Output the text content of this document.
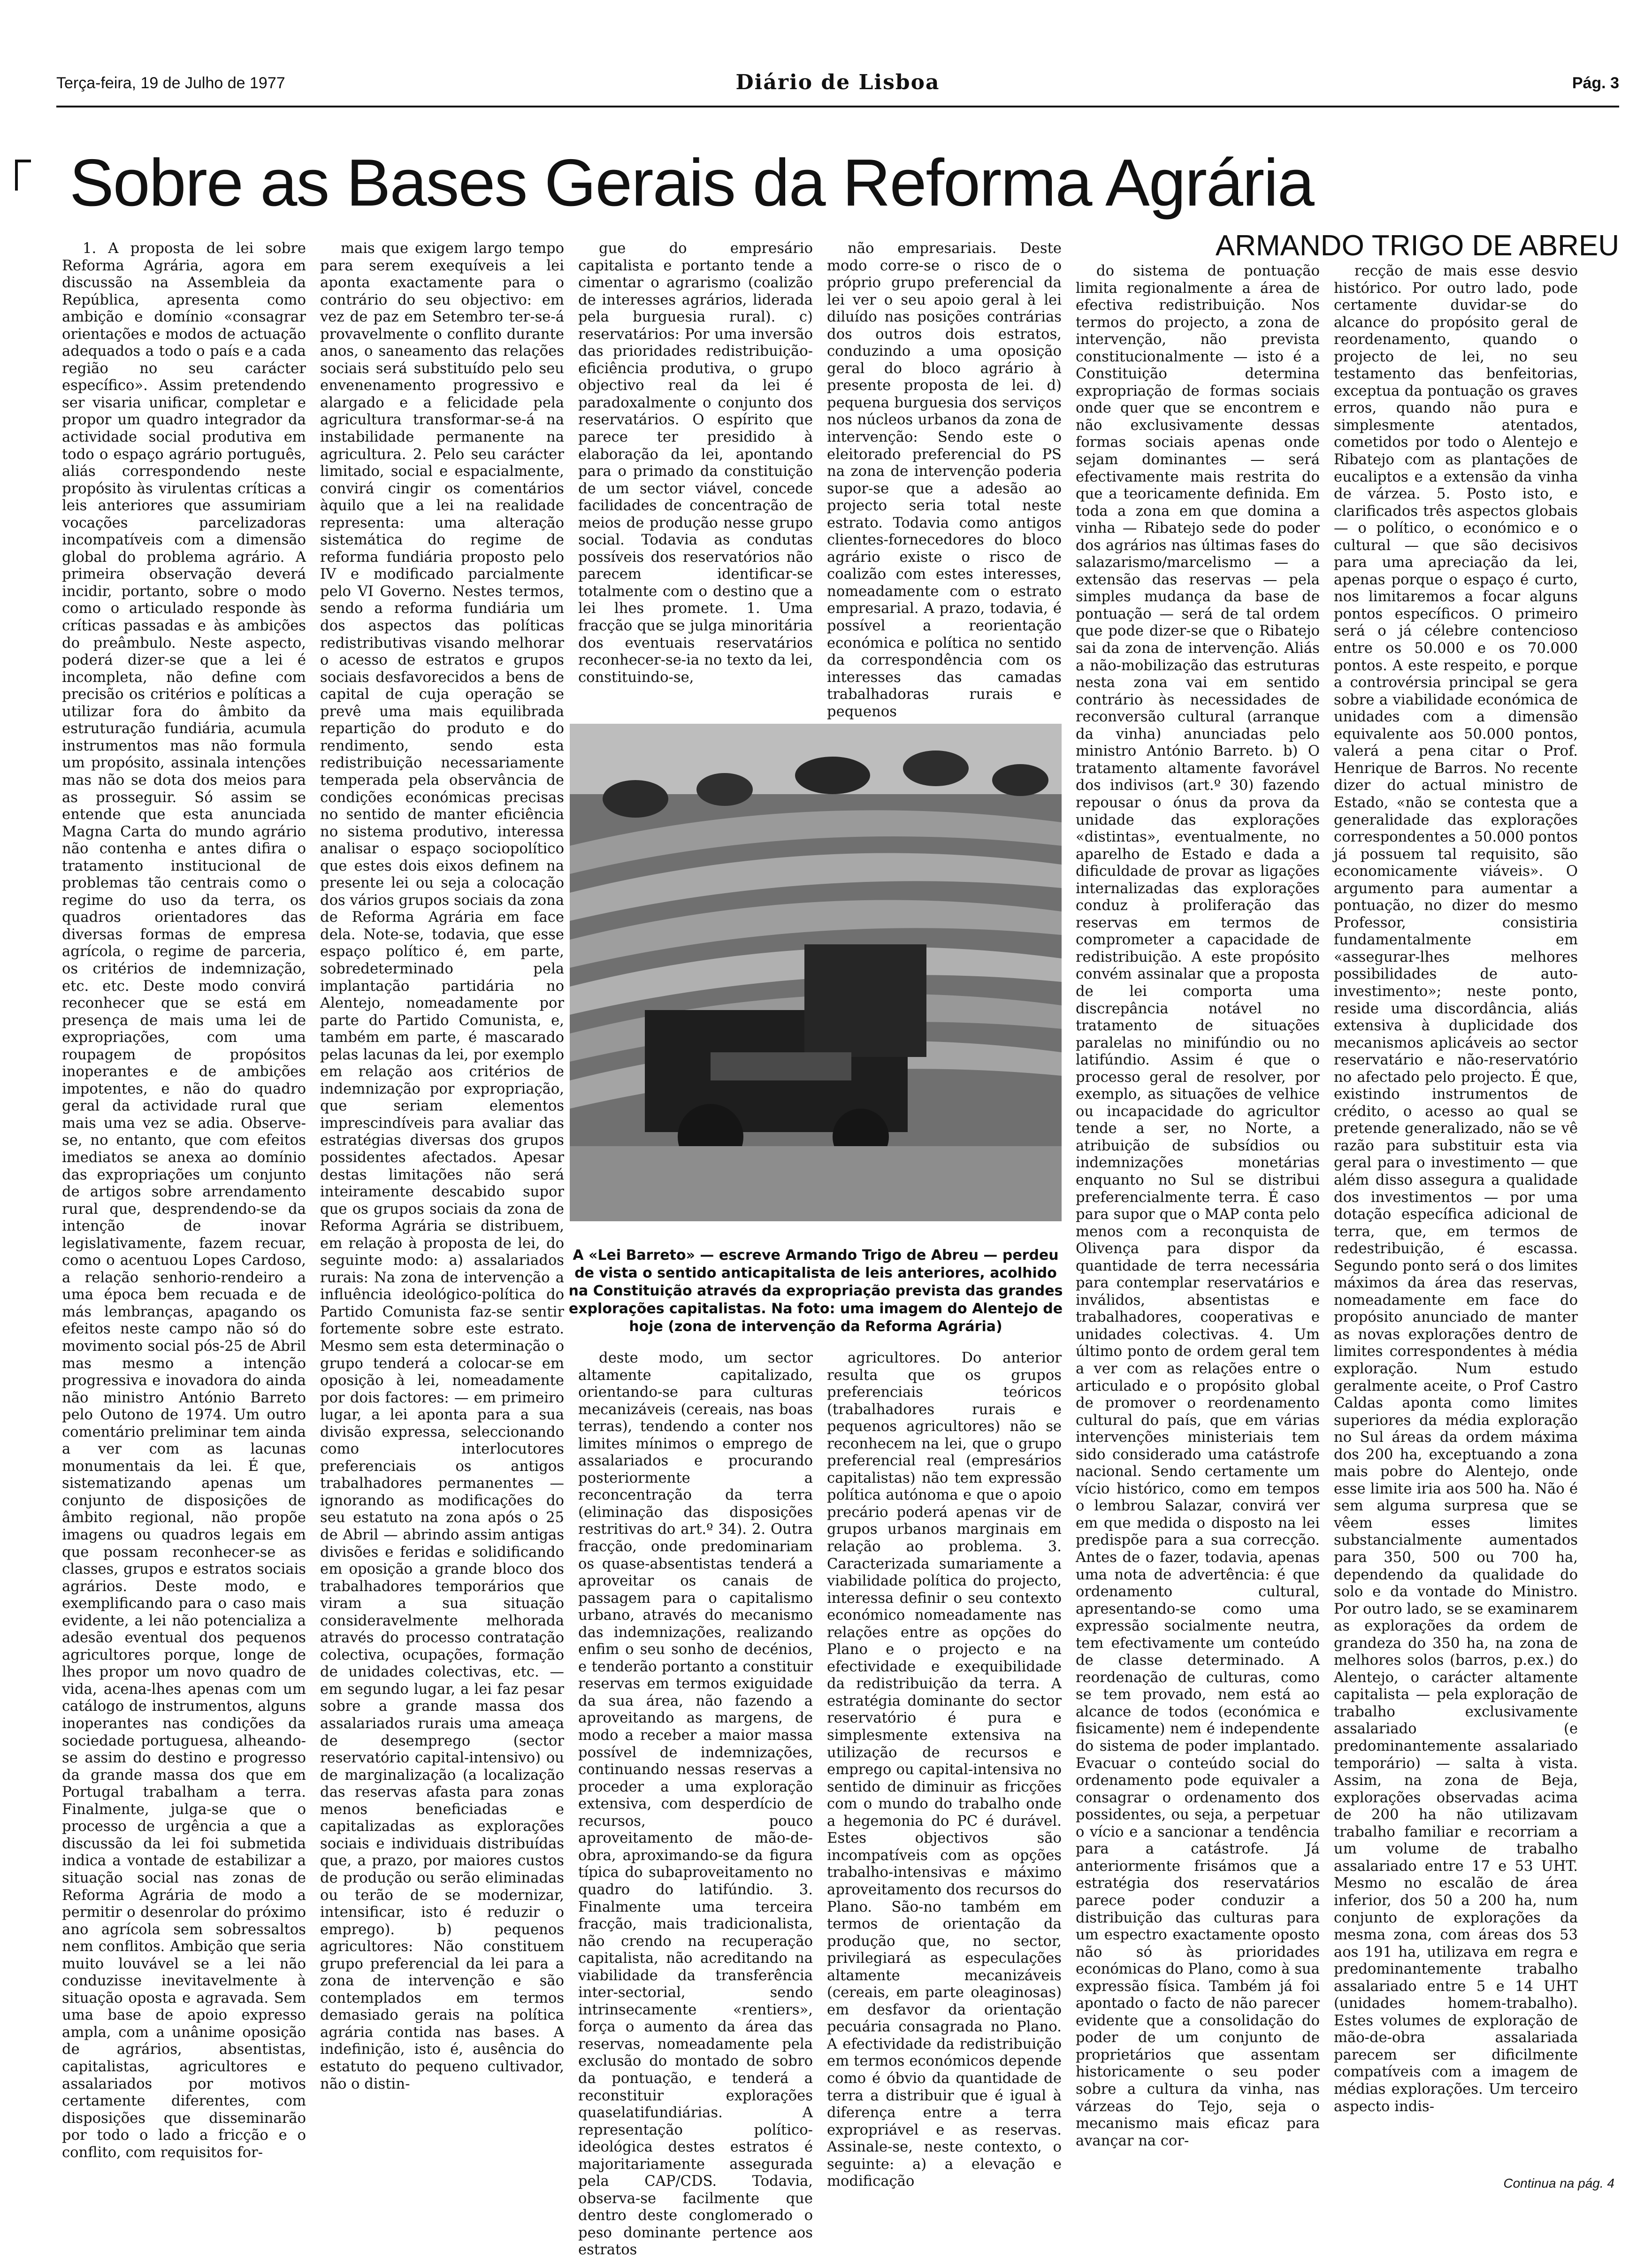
Terça-feira, 19 de Julho de 1977	Diário de Lisboa	Pág. 3
Sobre as Bases Gerais da Reforma Agrária
ARMANDO TRIGO DE ABREU

1. A proposta de lei sobre Reforma Agrária, agora em discussão na Assembleia da República, apresenta como ambição e domínio «consagrar orientações e modos de actuação adequados a todo o país e a cada região no seu carácter específico». Assim pretendendo ser visaria unificar, completar e propor um quadro integrador da actividade social produtiva em todo o espaço agrário português, aliás correspondendo neste propósito às virulentas críticas a leis anteriores que assumiriam vocações parcelizadoras incompatíveis com a dimensão global do problema agrário. A primeira observação deverá incidir, portanto, sobre o modo como o articulado responde às críticas passadas e às ambições do preâmbulo. Neste aspecto, poderá dizer-se que a lei é incompleta, não define com precisão os critérios e políticas a utilizar fora do âmbito da estruturação fundiária, acumula instrumentos mas não formula um propósito, assinala intenções mas não se dota dos meios para as prosseguir. Só assim se entende que esta anunciada Magna Carta do mundo agrário não contenha e antes difira o tratamento institucional de problemas tão centrais como o regime do uso da terra, os quadros orientadores das diversas formas de empresa agrícola, o regime de parceria, os critérios de indemnização, etc. etc. Deste modo convirá reconhecer que se está em presença de mais uma lei de expropriações, com uma roupagem de propósitos inoperantes e de ambições impotentes, e não do quadro geral da actividade rural que mais uma vez se adia. Observe-se, no entanto, que com efeitos imediatos se anexa ao domínio das expropriações um conjunto de artigos sobre arrendamento rural que, desprendendo-se da intenção de inovar legislativamente, fazem recuar, como o acentuou Lopes Cardoso, a relação senhorio-rendeiro a uma época bem recuada e de más lembranças, apagando os efeitos neste campo não só do movimento social pós-25 de Abril mas mesmo a intenção progressiva e inovadora do ainda não ministro António Barreto pelo Outono de 1974. Um outro comentário preliminar tem ainda a ver com as lacunas monumentais da lei. É que, sistematizando apenas um conjunto de disposições de âmbito regional, não propõe imagens ou quadros legais em que possam reconhecer-se as classes, grupos e estratos sociais agrários. Deste modo, e exemplificando para o caso mais evidente, a lei não potencializa a adesão eventual dos pequenos agricultores porque, longe de lhes propor um novo quadro de vida, acena-lhes apenas com um catálogo de instrumentos, alguns inoperantes nas condições da sociedade portuguesa, alheando-se assim do destino e progresso da grande massa dos que em Portugal trabalham a terra. Finalmente, julga-se que o processo de urgência a que a discussão da lei foi submetida indica a vontade de estabilizar a situação social nas zonas de Reforma Agrária de modo a permitir o desenrolar do próximo ano agrícola sem sobressaltos nem conflitos. Ambição que seria muito louvável se a lei não conduzisse inevitavelmente à situação oposta e agravada. Sem uma base de apoio expresso ampla, com a unânime oposição de agrários, absentistas, capitalistas, agricultores e assalariados por motivos certamente diferentes, com disposições que disseminarão por todo o lado a fricção e o conflito, com requisitos for-

mais que exigem largo tempo para serem exequíveis a lei aponta exactamente para o contrário do seu objectivo: em vez de paz em Setembro ter-se-á provavelmente o conflito durante anos, o saneamento das relações sociais será substituído pelo seu envenenamento progressivo e alargado e a felicidade pela agricultura transformar-se-á na instabilidade permanente na agricultura. 2. Pelo seu carácter limitado, social e espacialmente, convirá cingir os comentários àquilo que a lei na realidade representa: uma alteração sistemática do regime de reforma fundiária proposto pelo IV e modificado parcialmente pelo VI Governo. Nestes termos, sendo a reforma fundiária um dos aspectos das políticas redistributivas visando melhorar o acesso de estratos e grupos sociais desfavorecidos a bens de capital de cuja operação se prevê uma mais equilibrada repartição do produto e do rendimento, sendo esta redistribuição necessariamente temperada pela observância de condições económicas precisas no sentido de manter eficiência no sistema produtivo, interessa analisar o espaço sociopolítico que estes dois eixos definem na presente lei ou seja a colocação dos vários grupos sociais da zona de Reforma Agrária em face dela. Note-se, todavia, que esse espaço político é, em parte, sobredeterminado pela implantação partidária no Alentejo, nomeadamente por parte do Partido Comunista, e, também em parte, é mascarado pelas lacunas da lei, por exemplo em relação aos critérios de indemnização por expropriação, que seriam elementos imprescindíveis para avaliar das estratégias diversas dos grupos possidentes afectados. Apesar destas limitações não será inteiramente descabido supor que os grupos sociais da zona de Reforma Agrária se distribuem, em relação à proposta de lei, do seguinte modo: a) assalariados rurais: Na zona de intervenção a influência ideológico-política do Partido Comunista faz-se sentir fortemente sobre este estrato. Mesmo sem esta determinação o grupo tenderá a colocar-se em oposição à lei, nomeadamente por dois factores: — em primeiro lugar, a lei aponta para a sua divisão expressa, seleccionando como interlocutores preferenciais os antigos trabalhadores permanentes — ignorando as modificações do seu estatuto na zona após o 25 de Abril — abrindo assim antigas divisões e feridas e solidificando em oposição a grande bloco dos trabalhadores temporários que viram a sua situação consideravelmente melhorada através do processo contratação colectiva, ocupações, formação de unidades colectivas, etc. — em segundo lugar, a lei faz pesar sobre a grande massa dos assalariados rurais uma ameaça de desemprego (sector reservatório capital-intensivo) ou de marginalização (a localização das reservas afasta para zonas menos beneficiadas e capitalizadas as explorações sociais e individuais distribuídas que, a prazo, por maiores custos de produção ou serão eliminadas ou terão de se modernizar, intensificar, isto é reduzir o emprego). b) pequenos agricultores: Não constituem grupo preferencial da lei para a zona de intervenção e são contemplados em termos demasiado gerais na política agrária contida nas bases. A indefinição, isto é, ausência do estatuto do pequeno cultivador, não o distin-

gue do empresário capitalista e portanto tende a cimentar o agrarismo (coalizão de interesses agrários, liderada pela burguesia rural). c) reservatários: Por uma inversão das prioridades redistribuição-eficiência produtiva, o grupo objectivo real da lei é paradoxalmente o conjunto dos reservatários. O espírito que parece ter presidido à elaboração da lei, apontando para o primado da constituição de um sector viável, concede facilidades de concentração de meios de produção nesse grupo social. Todavia as condutas possíveis dos reservatórios não parecem identificar-se totalmente com o destino que a lei lhes promete. 1. Uma fracção que se julga minoritária dos eventuais reservatários reconhecer-se-ia no texto da lei, constituindo-se,

não empresariais. Deste modo corre-se o risco de o próprio grupo preferencial da lei ver o seu apoio geral à lei diluído nas posições contrárias dos outros dois estratos, conduzindo a uma oposição geral do bloco agrário à presente proposta de lei. d) pequena burguesia dos serviços nos núcleos urbanos da zona de intervenção: Sendo este o eleitorado preferencial do PS na zona de intervenção poderia supor-se que a adesão ao projecto seria total neste estrato. Todavia como antigos clientes-fornecedores do bloco agrário existe o risco de coalizão com estes interesses, nomeadamente com o estrato empresarial. A prazo, todavia, é possível a reorientação económica e política no sentido da correspondência com os interesses das camadas trabalhadoras rurais e pequenos

A «Lei Barreto» — escreve Armando Trigo de Abreu — perdeu de vista o sentido anticapitalista de leis anteriores, acolhido na Constituição através da expropriação prevista das grandes explorações capitalistas. Na foto: uma imagem do Alentejo de hoje (zona de intervenção da Reforma Agrária)

deste modo, um sector altamente capitalizado, orientando-se para culturas mecanizáveis (cereais, nas boas terras), tendendo a conter nos limites mínimos o emprego de assalariados e procurando posteriormente a reconcentração da terra (eliminação das disposições restritivas do art.º 34). 2. Outra fracção, onde predominariam os quase-absentistas tenderá a aproveitar os canais de passagem para o capitalismo urbano, através do mecanismo das indemnizações, realizando enfim o seu sonho de decénios, e tenderão portanto a constituir reservas em termos exiguidade da sua área, não fazendo a aproveitando as margens, de modo a receber a maior massa possível de indemnizações, continuando nessas reservas a proceder a uma exploração extensiva, com desperdício de recursos, pouco aproveitamento de mão-de-obra, aproximando-se da figura típica do subaproveitamento no quadro do latifúndio. 3. Finalmente uma terceira fracção, mais tradicionalista, não crendo na recuperação capitalista, não acreditando na viabilidade da transferência inter-sectorial, sendo intrinsecamente «rentiers», força o aumento da área das reservas, nomeadamente pela exclusão do montado de sobro da pontuação, e tenderá a reconstituir explorações quaselatifundiárias. A representação político-ideológica destes estratos é majoritariamente assegurada pela CAP/CDS. Todavia, observa-se facilmente que dentro deste conglomerado o peso dominante pertence aos estratos

agricultores. Do anterior resulta que os grupos preferenciais teóricos (trabalhadores rurais e pequenos agricultores) não se reconhecem na lei, que o grupo preferencial real (empresários capitalistas) não tem expressão política autónoma e que o apoio precário poderá apenas vir de grupos urbanos marginais em relação ao problema. 3. Caracterizada sumariamente a viabilidade política do projecto, interessa definir o seu contexto económico nomeadamente nas relações entre as opções do Plano e o projecto e na efectividade e exequibilidade da redistribuição da terra. A estratégia dominante do sector reservatório é pura e simplesmente extensiva na utilização de recursos e emprego ou capital-intensiva no sentido de diminuir as fricções com o mundo do trabalho onde a hegemonia do PC é durável. Estes objectivos são incompatíveis com as opções trabalho-intensivas e máximo aproveitamento dos recursos do Plano. São-no também em termos de orientação da produção que, no sector, privilegiará as especulações altamente mecanizáveis (cereais, em parte oleaginosas) em desfavor da orientação pecuária consagrada no Plano. A efectividade da redistribuição em termos económicos depende como é óbvio da quantidade de terra a distribuir que é igual à diferença entre a terra expropriável e as reservas. Assinale-se, neste contexto, o seguinte: a) a elevação e modificação

do sistema de pontuação limita regionalmente a área de efectiva redistribuição. Nos termos do projecto, a zona de intervenção, não prevista constitucionalmente — isto é a Constituição determina expropriação de formas sociais onde quer que se encontrem e não exclusivamente dessas formas sociais apenas onde sejam dominantes — será efectivamente mais restrita do que a teoricamente definida. Em toda a zona em que domina a vinha — Ribatejo sede do poder dos agrários nas últimas fases do salazarismo/marcelismo — a extensão das reservas — pela simples mudança da base de pontuação — será de tal ordem que pode dizer-se que o Ribatejo sai da zona de intervenção. Aliás a não-mobilização das estruturas nesta zona vai em sentido contrário às necessidades de reconversão cultural (arranque da vinha) anunciadas pelo ministro António Barreto. b) O tratamento altamente favorável dos indivisos (art.º 30) fazendo repousar o ónus da prova da unidade das explorações «distintas», eventualmente, no aparelho de Estado e dada a dificuldade de provar as ligações internalizadas das explorações conduz à proliferação das reservas em termos de comprometer a capacidade de redistribuição. A este propósito convém assinalar que a proposta de lei comporta uma discrepância notável no tratamento de situações paralelas no minifúndio ou no latifúndio. Assim é que o processo geral de resolver, por exemplo, as situações de velhice ou incapacidade do agricultor tende a ser, no Norte, a atribuição de subsídios ou indemnizações monetárias enquanto no Sul se distribui preferencialmente terra. É caso para supor que o MAP conta pelo menos com a reconquista de Olivença para dispor da quantidade de terra necessária para contemplar reservatários e inválidos, absentistas e trabalhadores, cooperativas e unidades colectivas. 4. Um último ponto de ordem geral tem a ver com as relações entre o articulado e o propósito global de promover o reordenamento cultural do país, que em várias intervenções ministeriais tem sido considerado uma catástrofe nacional. Sendo certamente um vício histórico, como em tempos o lembrou Salazar, convirá ver em que medida o disposto na lei predispõe para a sua correcção. Antes de o fazer, todavia, apenas uma nota de advertência: é que ordenamento cultural, apresentando-se como uma expressão socialmente neutra, tem efectivamente um conteúdo de classe determinado. A reordenação de culturas, como se tem provado, nem está ao alcance de todos (económica e fisicamente) nem é independente do sistema de poder implantado. Evacuar o conteúdo social do ordenamento pode equivaler a consagrar o ordenamento dos possidentes, ou seja, a perpetuar o vício e a sancionar a tendência para a catástrofe. Já anteriormente frisámos que a estratégia dos reservatários parece poder conduzir a distribuição das culturas para um espectro exactamente oposto não só às prioridades económicas do Plano, como à sua expressão física. Também já foi apontado o facto de não parecer evidente que a consolidação do poder de um conjunto de proprietários que assentam historicamente o seu poder sobre a cultura da vinha, nas várzeas do Tejo, seja o mecanismo mais eficaz para avançar na cor-

recção de mais esse desvio histórico. Por outro lado, pode certamente duvidar-se do alcance do propósito geral de reordenamento, quando o projecto de lei, no seu testamento das benfeitorias, exceptua da pontuação os graves erros, quando não pura e simplesmente atentados, cometidos por todo o Alentejo e Ribatejo com as plantações de eucaliptos e a extensão da vinha de várzea. 5. Posto isto, e clarificados três aspectos globais — o político, o económico e o cultural — que são decisivos para uma apreciação da lei, apenas porque o espaço é curto, nos limitaremos a focar alguns pontos específicos. O primeiro será o já célebre contencioso entre os 50.000 e os 70.000 pontos. A este respeito, e porque a controvérsia principal se gera sobre a viabilidade económica de unidades com a dimensão equivalente aos 50.000 pontos, valerá a pena citar o Prof. Henrique de Barros. No recente dizer do actual ministro de Estado, «não se contesta que a generalidade das explorações correspondentes a 50.000 pontos já possuem tal requisito, são economicamente viáveis». O argumento para aumentar a pontuação, no dizer do mesmo Professor, consistiria fundamentalmente em «assegurar-lhes melhores possibilidades de auto-investimento»; neste ponto, reside uma discordância, aliás extensiva à duplicidade dos mecanismos aplicáveis ao sector reservatário e não-reservatório no afectado pelo projecto. É que, existindo instrumentos de crédito, o acesso ao qual se pretende generalizado, não se vê razão para substituir esta via geral para o investimento — que além disso assegura a qualidade dos investimentos — por uma dotação específica adicional de terra, que, em termos de redestribuição, é escassa. Segundo ponto será o dos limites máximos da área das reservas, nomeadamente em face do propósito anunciado de manter as novas explorações dentro de limites correspondentes à média exploração. Num estudo geralmente aceite, o Prof Castro Caldas aponta como limites superiores da média exploração no Sul áreas da ordem máxima dos 200 ha, exceptuando a zona mais pobre do Alentejo, onde esse limite iria aos 500 ha. Não é sem alguma surpresa que se vêem esses limites substancialmente aumentados para 350, 500 ou 700 ha, dependendo da qualidade do solo e da vontade do Ministro. Por outro lado, se se examinarem as explorações da ordem de grandeza do 350 ha, na zona de melhores solos (barros, p.ex.) do Alentejo, o carácter altamente capitalista — pela exploração de trabalho exclusivamente assalariado (e predominantemente assalariado temporário) — salta à vista. Assim, na zona de Beja, explorações observadas acima de 200 ha não utilizavam trabalho familiar e recorriam a um volume de trabalho assalariado entre 17 e 53 UHT. Mesmo no escalão de área inferior, dos 50 a 200 ha, num conjunto de explorações da mesma zona, com áreas dos 53 aos 191 ha, utilizava em regra e predominantemente trabalho assalariado entre 5 e 14 UHT (unidades homem-trabalho). Estes volumes de exploração de mão-de-obra assalariada parecem ser dificilmente compatíveis com a imagem de médias explorações. Um terceiro aspecto indis-

Continua na pág. 4
